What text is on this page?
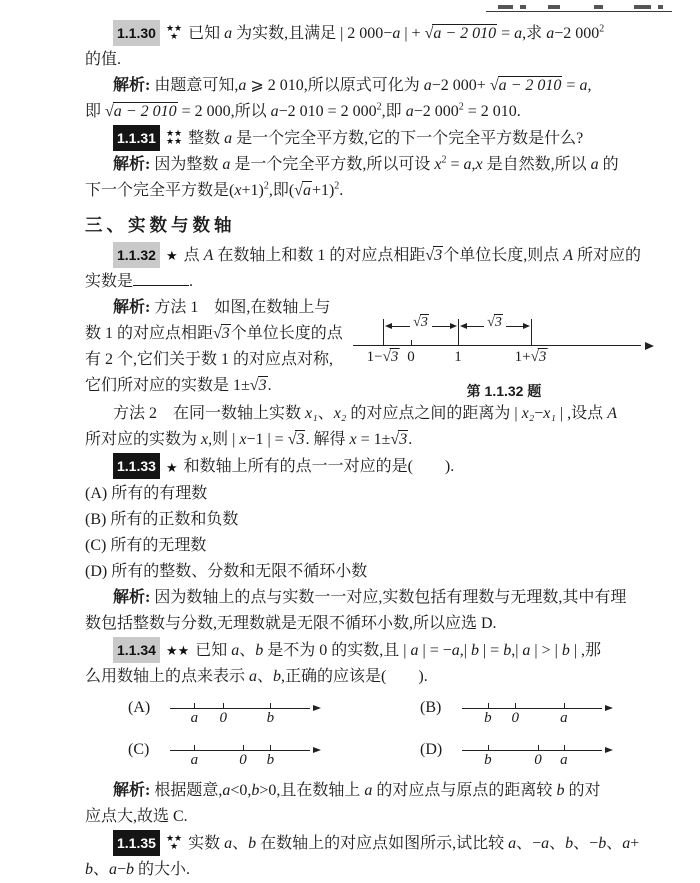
1.1.30 ★★
★ 已知 a 为实数,且满足 | 2 000−a | + √a − 2 010 = a,求 a−2 $000^2$
的值.
解析: 由题意可知,a ⩾ 2 010,所以原式可化为 a−2 000+ √a − 2 010 = a,
即 √a − 2 010 = 2 000,所以 a−2 010 = 2 $000^2$,即 a−2 $000^2 = 2$ 010.
1.1.31 ★★
★★ 整数 a 是一个完全平方数,它的下一个完全平方数是什么?
解析: 因为整数 a 是一个完全平方数,所以可设 $x^2 = a,x$ 是自然数,所以 a 的
下一个完全平方数是$(x+1)^2$,即$(√a+1)^2$.
三、实数与数轴
1.1.32 ★ 点 A 在数轴上和数 1 的对应点相距√3个单位长度,则点 A 所对应的
实数是	.
解析: 方法 1　如图,在数轴上与
数 1 的对应点相距√3个单位长度的点
有 2 个,它们关于数 1 的对应点对称,
它们所对应的实数是 1±√3.
1−√3 0	1	1+√3
√3	√3
第 1.1.32 题
方法 2　在同一数轴上实数 x₁、x₂ 的对应点之间的距离为 | x₂−x₁ | ,设点 A
所对应的实数为 x,则 | x−1 | = √3. 解得 x = 1±√3.
1.1.33 ★ 和数轴上所有的点一一对应的是(　　).
(A) 所有的有理数
(B) 所有的正数和负数
(C) 所有的无理数
(D) 所有的整数、分数和无限不循环小数
解析: 因为数轴上的点与实数一一对应,实数包括有理数与无理数,其中有理
数包括整数与分数,无理数就是无限不循环小数,所以应选 D.
1.1.34 ★★ 已知 a、b 是不为 0 的实数,且 | a | = −a,| b | = b,| a | > | b | ,那
么用数轴上的点来表示 a、b,正确的应该是(　　).
(A)
a 0	b
(B)
b 0	a
(C)
a	0 b
(D)
b	0 a
解析: 根据题意,a<0,b>0,且在数轴上 a 的对应点与原点的距离较 b 的对
应点大,故选 C.
1.1.35 ★★
★ 实数 a、b 在数轴上的对应点如图所示,试比较 a、−a、b、−b、a+
b、a−b 的大小.
